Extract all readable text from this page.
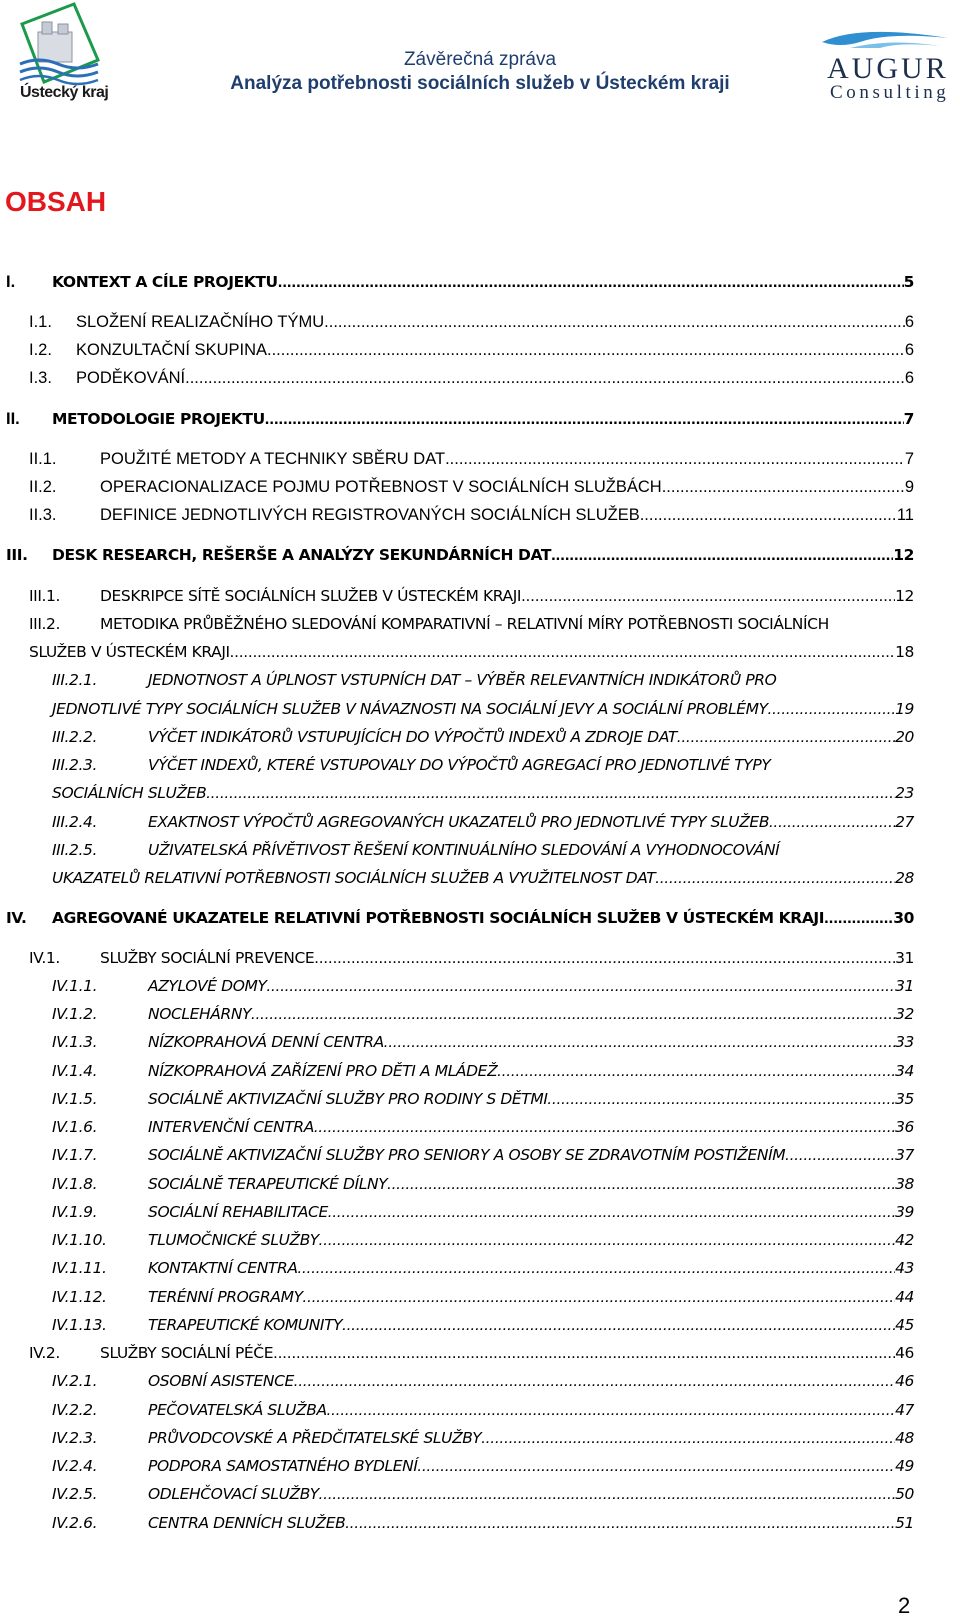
Ústecký kraj
Závěrečná zpráva
Analýza potřebnosti sociálních služeb v Ústeckém kraji	AUGUR
Consulting
OBSAH
I. KONTEXT A CÍLE PROJEKTU .....	5
I.1. SLOŽENÍ REALIZAČNÍHO TÝMU .....	6
I.2. KONZULTAČNÍ SKUPINA .....	6
I.3. PODĚKOVÁNÍ .....	6
II. METODOLOGIE PROJEKTU .....	7
II.1.	POUŽITÉ METODY A TECHNIKY SBĚRU DAT .....	7
II.2.	OPERACIONALIZACE POJMU POTŘEBNOST V SOCIÁLNÍCH SLUŽBÁCH .....	9
II.3.	DEFINICE JEDNOTLIVÝCH REGISTROVANÝCH SOCIÁLNÍCH SLUŽEB .....	11
III. DESK RESEARCH, REŠERŠE A ANALÝZY SEKUNDÁRNÍCH DAT .....	12
III.1.	DESKRIPCE SÍTĚ SOCIÁLNÍCH SLUŽEB V ÚSTECKÉM KRAJI .....	12
III.2.	METODIKA PRŮBĚŽNÉHO SLEDOVÁNÍ KOMPARATIVNÍ – RELATIVNÍ MÍRY POTŘEBNOSTI SOCIÁLNÍCH
SLUŽEB V ÚSTECKÉM KRAJI .....	18
III.2.1.	JEDNOTNOST A ÚPLNOST VSTUPNÍCH DAT – VÝBĚR RELEVANTNÍCH INDIKÁTORŮ PRO
JEDNOTLIVÉ TYPY SOCIÁLNÍCH SLUŽEB V NÁVAZNOSTI NA SOCIÁLNÍ JEVY A SOCIÁLNÍ PROBLÉMY .....	19
III.2.2.	VÝČET INDIKÁTORŮ VSTUPUJÍCÍCH DO VÝPOČTŮ INDEXŮ A ZDROJE DAT .....	20
III.2.3.	VÝČET INDEXŮ, KTERÉ VSTUPOVALY DO VÝPOČTŮ AGREGACÍ PRO JEDNOTLIVÉ TYPY
SOCIÁLNÍCH SLUŽEB .....	23
III.2.4.	EXAKTNOST VÝPOČTŮ AGREGOVANÝCH UKAZATELŮ PRO JEDNOTLIVÉ TYPY SLUŽEB .....	27
III.2.5.	UŽIVATELSKÁ PŘÍVĚTIVOST ŘEŠENÍ KONTINUÁLNÍHO SLEDOVÁNÍ A VYHODNOCOVÁNÍ
UKAZATELŮ RELATIVNÍ POTŘEBNOSTI SOCIÁLNÍCH SLUŽEB A VYUŽITELNOST DAT .....	28
IV. AGREGOVANÉ UKAZATELE RELATIVNÍ POTŘEBNOSTI SOCIÁLNÍCH SLUŽEB V ÚSTECKÉM KRAJI .....	30
IV.1.	SLUŽBY SOCIÁLNÍ PREVENCE .....	31
IV.1.1.	AZYLOVÉ DOMY .....	31
IV.1.2.	NOCLEHÁRNY .....	32
IV.1.3.	NÍZKOPRAHOVÁ DENNÍ CENTRA .....	33
IV.1.4.	NÍZKOPRAHOVÁ ZAŘÍZENÍ PRO DĚTI A MLÁDEŽ .....	34
IV.1.5.	SOCIÁLNĚ AKTIVIZAČNÍ SLUŽBY PRO RODINY S DĚTMI .....	35
IV.1.6.	INTERVENČNÍ CENTRA .....	36
IV.1.7.	SOCIÁLNĚ AKTIVIZAČNÍ SLUŽBY PRO SENIORY A OSOBY SE ZDRAVOTNÍM POSTIŽENÍM .....	37
IV.1.8.	SOCIÁLNĚ TERAPEUTICKÉ DÍLNY .....	38
IV.1.9.	SOCIÁLNÍ REHABILITACE .....	39
IV.1.10.	TLUMOČNICKÉ SLUŽBY .....	42
IV.1.11.	KONTAKTNÍ CENTRA .....	43
IV.1.12.	TERÉNNÍ PROGRAMY .....	44
IV.1.13.	TERAPEUTICKÉ KOMUNITY .....	45
IV.2.	SLUŽBY SOCIÁLNÍ PÉČE .....	46
IV.2.1.	OSOBNÍ ASISTENCE .....	46
IV.2.2.	PEČOVATELSKÁ SLUŽBA .....	47
IV.2.3.	PRŮVODCOVSKÉ A PŘEDČITATELSKÉ SLUŽBY .....	48
IV.2.4.	PODPORA SAMOSTATNÉHO BYDLENÍ .....	49
IV.2.5.	ODLEHČOVACÍ SLUŽBY .....	50
IV.2.6.	CENTRA DENNÍCH SLUŽEB .....	51
2
